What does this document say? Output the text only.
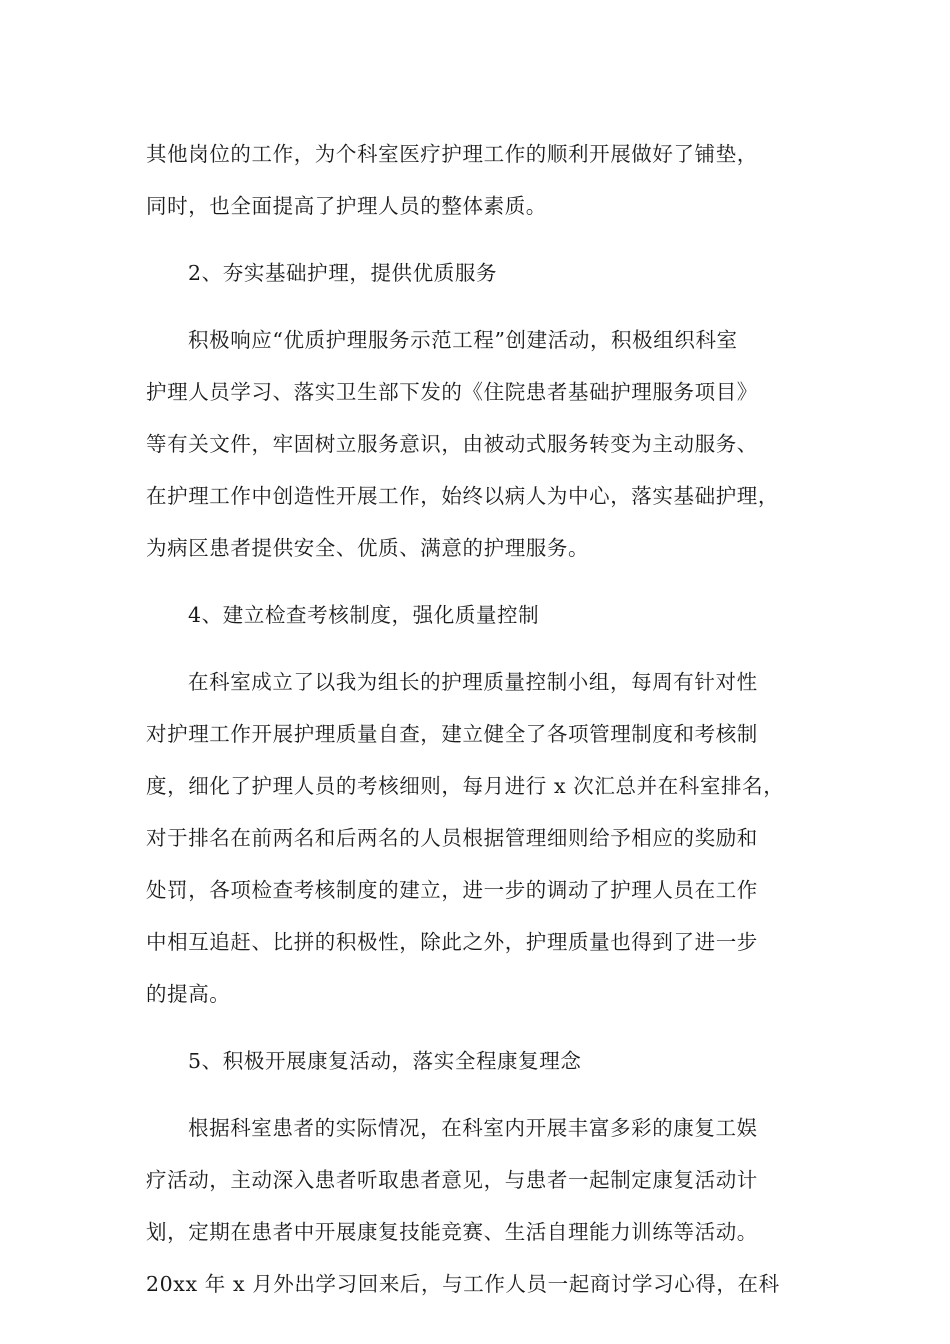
其他岗位的工作，为个科室医疗护理工作的顺利开展做好了铺垫，
同时，也全面提高了护理人员的整体素质。
2、夯实基础护理，提供优质服务
积极响应“优质护理服务示范工程”创建活动，积极组织科室
护理人员学习、落实卫生部下发的《住院患者基础护理服务项目》
等有关文件，牢固树立服务意识，由被动式服务转变为主动服务、
在护理工作中创造性开展工作，始终以病人为中心，落实基础护理，
为病区患者提供安全、优质、满意的护理服务。
4、建立检查考核制度，强化质量控制
在科室成立了以我为组长的护理质量控制小组，每周有针对性
对护理工作开展护理质量自查，建立健全了各项管理制度和考核制
度，细化了护理人员的考核细则，每月进行 x 次汇总并在科室排名，
对于排名在前两名和后两名的人员根据管理细则给予相应的奖励和
处罚，各项检查考核制度的建立，进一步的调动了护理人员在工作
中相互追赶、比拼的积极性，除此之外，护理质量也得到了进一步
的提高。
5、积极开展康复活动，落实全程康复理念
根据科室患者的实际情况，在科室内开展丰富多彩的康复工娱
疗活动，主动深入患者听取患者意见，与患者一起制定康复活动计
划，定期在患者中开展康复技能竞赛、生活自理能力训练等活动。
20xx 年 x 月外出学习回来后，与工作人员一起商讨学习心得，在科
